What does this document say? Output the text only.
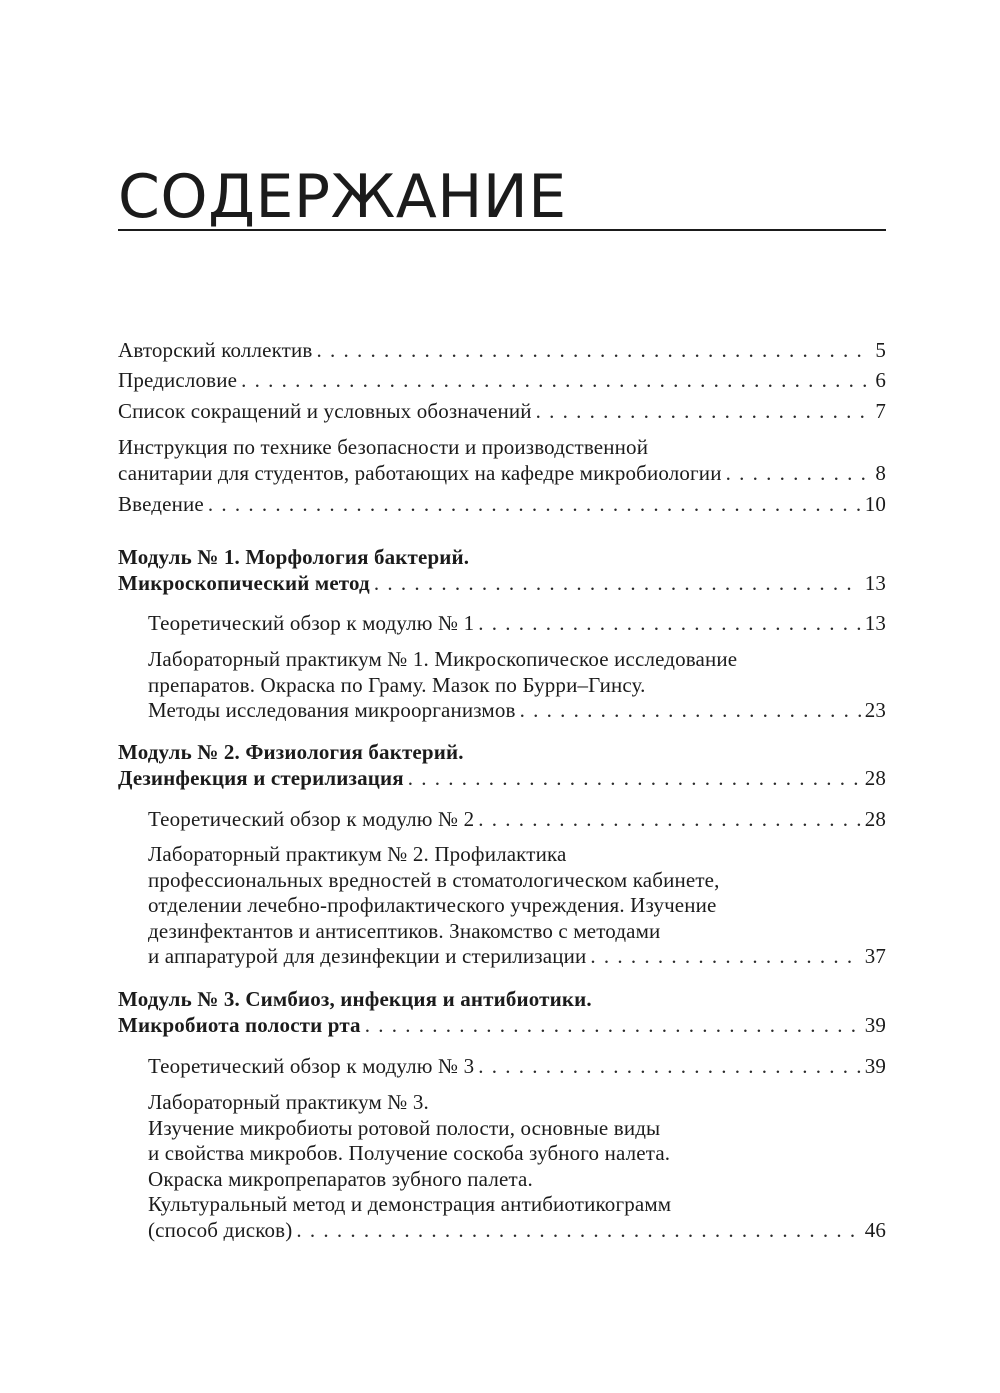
СОДЕРЖАНИЕ
Авторский коллектив . . .	5
Предисловие . . .	6
Список сокращений и условных обозначений . . .	7
Инструкция по технике безопасности и производственной
санитарии для студентов, работающих на кафедре микробиологии . . .	8
Введение . . .	10
Модуль № 1. Морфология бактерий.
Микроскопический метод . . .	13
Теоретический обзор к модулю № 1 . . .	13
Лабораторный практикум № 1. Микроскопическое исследование
препаратов. Окраска по Граму. Мазок по Бурри–Гинсу.
Методы исследования микроорганизмов . . .	23
Модуль № 2. Физиология бактерий.
Дезинфекция и стерилизация . . .	28
Теоретический обзор к модулю № 2 . . .	28
Лабораторный практикум № 2. Профилактика
профессиональных вредностей в стоматологическом кабинете,
отделении лечебно-профилактического учреждения. Изучение
дезинфектантов и антисептиков. Знакомство с методами
и аппаратурой для дезинфекции и стерилизации . . .	37
Модуль № 3. Симбиоз, инфекция и антибиотики.
Микробиота полости рта . . .	39
Теоретический обзор к модулю № 3 . . .	39
Лабораторный практикум № 3.
Изучение микробиоты ротовой полости, основные виды
и свойства микробов. Получение соскоба зубного налета.
Окраска микропрепаратов зубного палета.
Культуральный метод и демонстрация антибиотикограмм
(способ дисков) . . .	46
